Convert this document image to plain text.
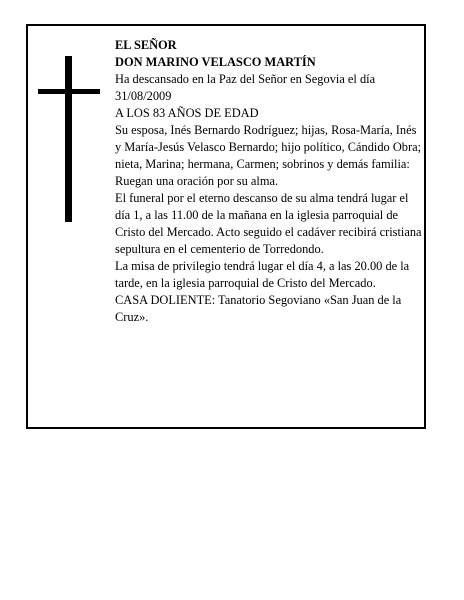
EL SEÑOR

DON MARINO VELASCO MARTÍN

Ha descansado en la Paz del Señor en Segovia el día 31/08/2009

A LOS 83 AÑOS DE EDAD

Su esposa, Inés Bernardo Rodríguez; hijas, Rosa-María, Inés y María-Jesús Velasco Bernardo; hijo político, Cándido Obra; nieta, Marina; hermana, Carmen; sobrinos y demás familia:

Ruegan una oración por su alma.

El funeral por el eterno descanso de su alma tendrá lugar el día 1, a las 11.00 de la mañana en la iglesia parroquial de Cristo del Mercado. Acto seguido el cadáver recibirá cristiana sepultura en el cementerio de Torredondo.

La misa de privilegio tendrá lugar el día 4, a las 20.00 de la tarde, en la iglesia parroquial de Cristo del Mercado.

CASA DOLIENTE: Tanatorio Segoviano «San Juan de la Cruz».
